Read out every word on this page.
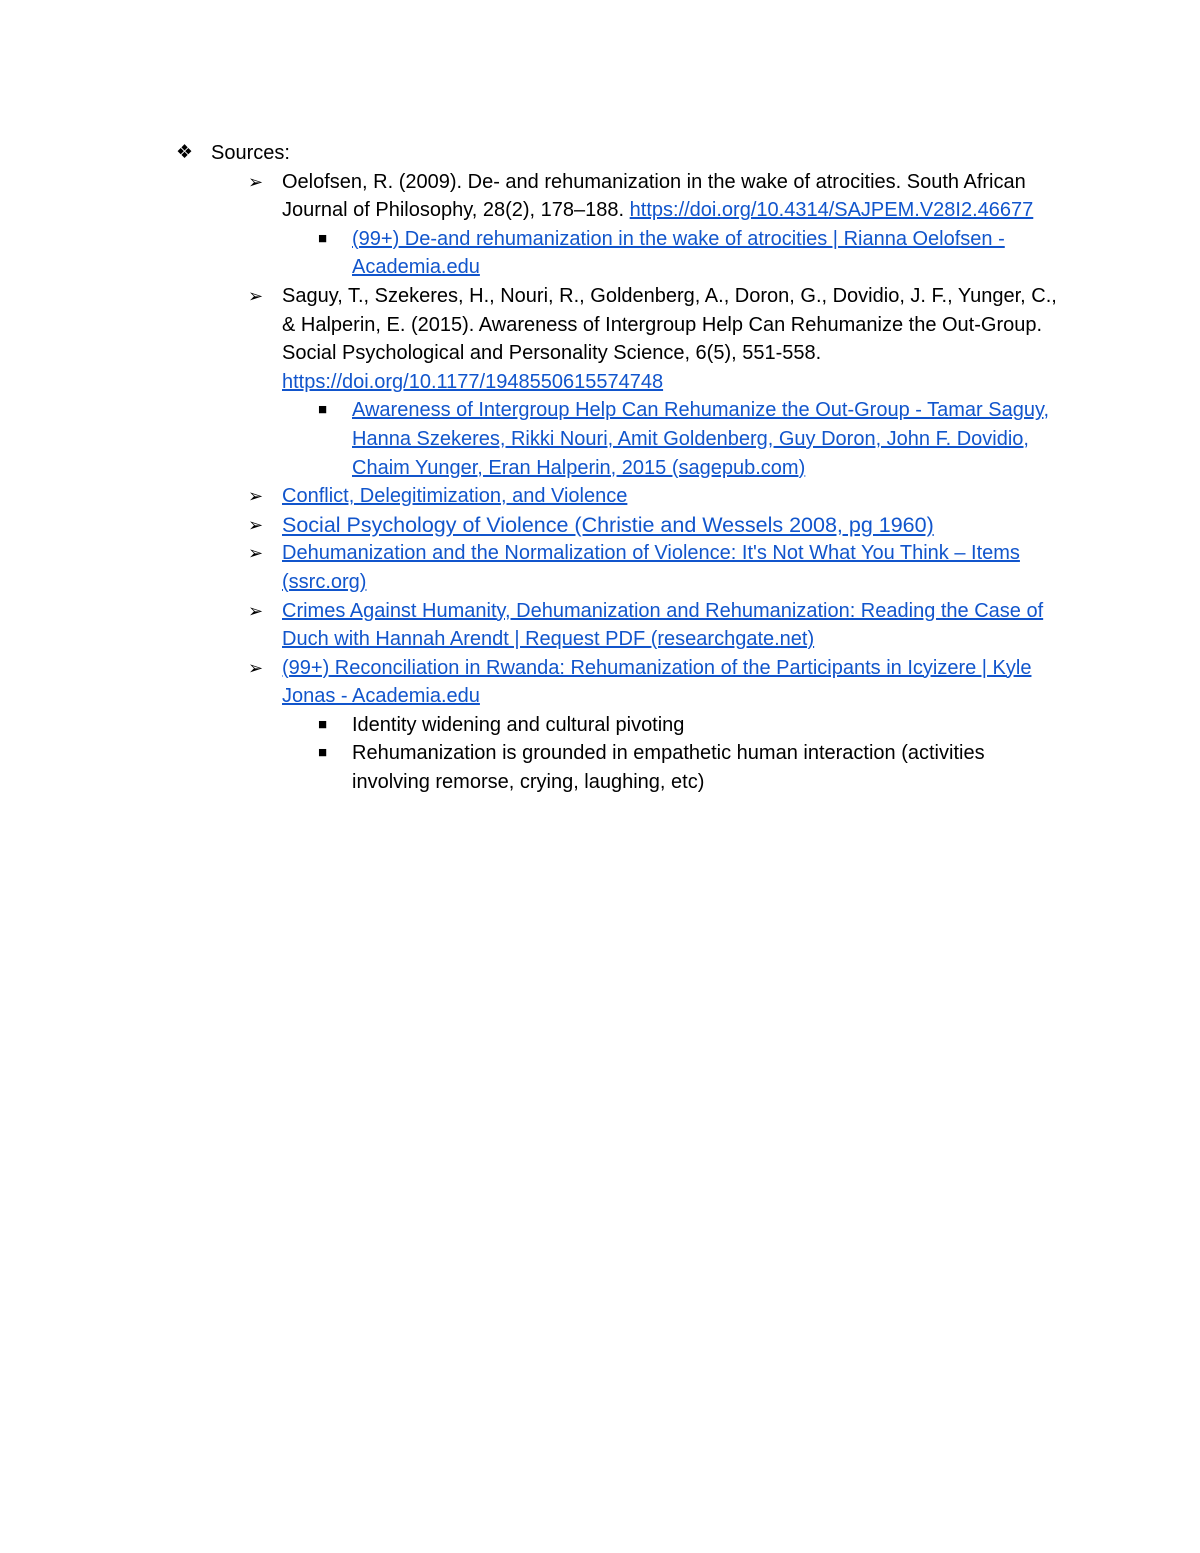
❖ Sources:
➢ Oelofsen, R. (2009). De- and rehumanization in the wake of atrocities. South African Journal of Philosophy, 28(2), 178–188. https://doi.org/10.4314/SAJPEM.V28I2.46677
■ (99+) De-and rehumanization in the wake of atrocities | Rianna Oelofsen - Academia.edu
➢ Saguy, T., Szekeres, H., Nouri, R., Goldenberg, A., Doron, G., Dovidio, J. F., Yunger, C., & Halperin, E. (2015). Awareness of Intergroup Help Can Rehumanize the Out-Group. Social Psychological and Personality Science, 6(5), 551-558. https://doi.org/10.1177/1948550615574748
■ Awareness of Intergroup Help Can Rehumanize the Out-Group - Tamar Saguy, Hanna Szekeres, Rikki Nouri, Amit Goldenberg, Guy Doron, John F. Dovidio, Chaim Yunger, Eran Halperin, 2015 (sagepub.com)
➢ Conflict, Delegitimization, and Violence
➢ Social Psychology of Violence (Christie and Wessels 2008, pg 1960)
➢ Dehumanization and the Normalization of Violence: It's Not What You Think – Items (ssrc.org)
➢ Crimes Against Humanity, Dehumanization and Rehumanization: Reading the Case of Duch with Hannah Arendt | Request PDF (researchgate.net)
➢ (99+) Reconciliation in Rwanda: Rehumanization of the Participants in Icyizere | Kyle Jonas - Academia.edu
■ Identity widening and cultural pivoting
■ Rehumanization is grounded in empathetic human interaction (activities involving remorse, crying, laughing, etc)
